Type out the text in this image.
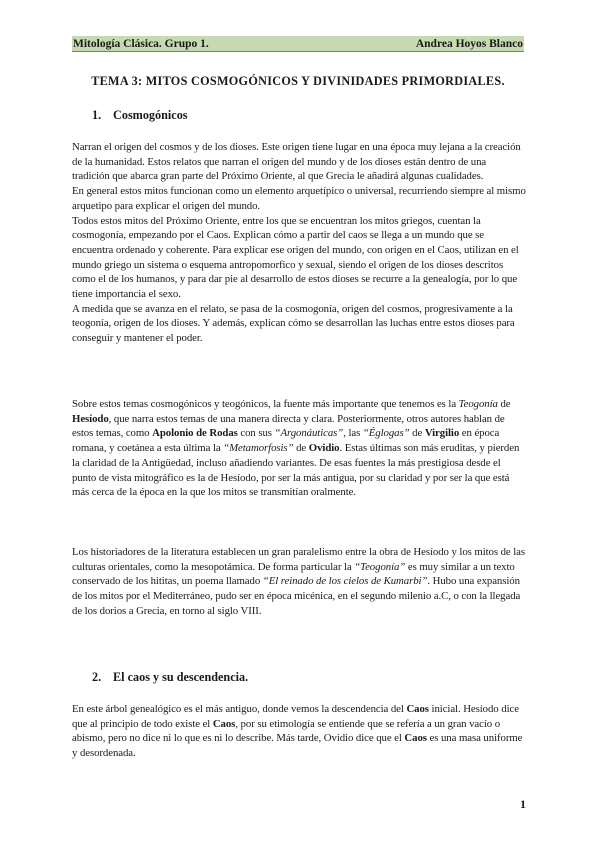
Mitología Clásica. Grupo 1.	Andrea Hoyos Blanco
TEMA 3: MITOS COSMOGÓNICOS Y DIVINIDADES PRIMORDIALES.
1. Cosmogónicos

Narran el origen del cosmos y de los dioses. Este origen tiene lugar en una época muy lejana a la creación de la humanidad. Estos relatos que narran el origen del mundo y de los dioses están dentro de una tradición que abarca gran parte del Próximo Oriente, al que Grecia le añadirá algunas cualidades.

En general estos mitos funcionan como un elemento arquetípico o universal, recurriendo siempre al mismo arquetipo para explicar el origen del mundo.

Todos estos mitos del Próximo Oriente, entre los que se encuentran los mitos griegos, cuentan la cosmogonía, empezando por el Caos. Explican cómo a partir del caos se llega a un mundo que se encuentra ordenado y coherente. Para explicar ese origen del mundo, con origen en el Caos, utilizan en el mundo griego un sistema o esquema antropomorfico y sexual, siendo el origen de los dioses descritos como el de los humanos, y para dar pie al desarrollo de estos dioses se recurre a la genealogía, por lo que tiene importancia el sexo.

A medida que se avanza en el relato, se pasa de la cosmogonía, origen del cosmos, progresivamente a la teogonía, origen de los dioses. Y además, explican cómo se desarrollan las luchas entre estos dioses para conseguir y mantener el poder.

Sobre estos temas cosmogónicos y teogónicos, la fuente más importante que tenemos es la Teogonía de Hesíodo, que narra estos temas de una manera directa y clara. Posteriormente, otros autores hablan de estos temas, como Apolonio de Rodas con sus “Argonáuticas”, las “Églogas” de Virgilio en época romana, y coetánea a esta última la “Metamorfosis” de Ovidio. Estas últimas son más eruditas, y pierden la claridad de la Antigüedad, incluso añadiendo variantes. De esas fuentes la más prestigiosa desde el punto de vista mitográfico es la de Hesíodo, por ser la más antigua, por su claridad y por ser la que está más cerca de la época en la que los mitos se transmitían oralmente.

Los historiadores de la literatura establecen un gran paralelismo entre la obra de Hesíodo y los mitos de las culturas orientales, como la mesopotámica. De forma particular la “Teogonía” es muy similar a un texto conservado de los hititas, un poema llamado “El reinado de los cielos de Kumarbi”. Hubo una expansión de los mitos por el Mediterráneo, pudo ser en época micénica, en el segundo milenio a.C, o con la llegada de los dorios a Grecia, en torno al siglo VIII.

2. El caos y su descendencia.

En este árbol genealógico es el más antiguo, donde vemos la descendencia del Caos inicial. Hesíodo dice que al principio de todo existe el Caos, por su etimología se entiende que se refería a un gran vacío o abismo, pero no dice ni lo que es ni lo describe. Más tarde, Ovidio dice que el Caos es una masa uniforme y desordenada.

1
